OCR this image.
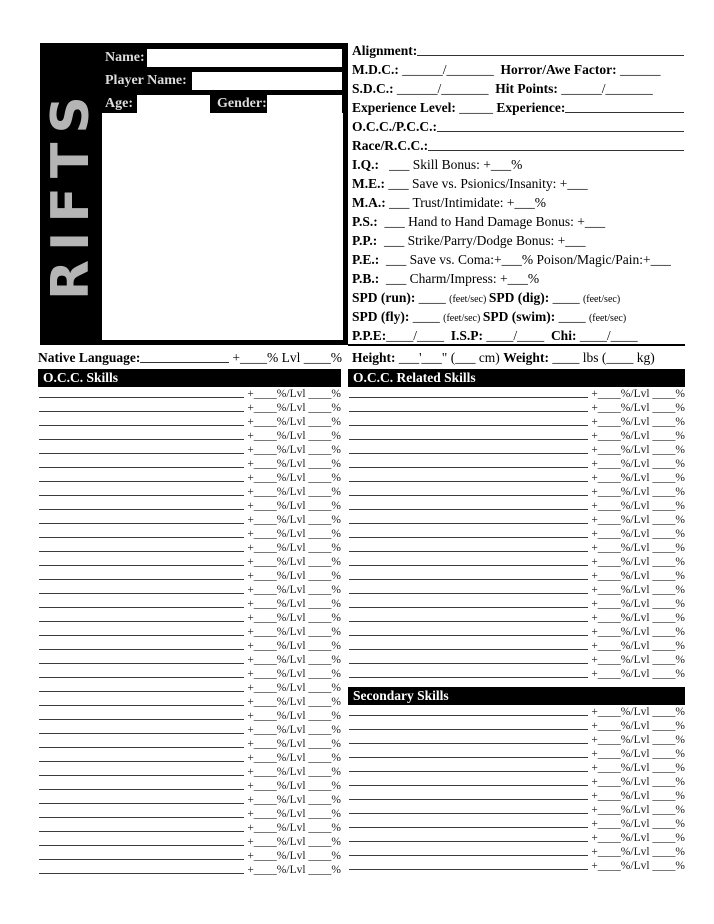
RIFTS
Name:
Player Name:
Age:	Gender:
Alignment:
M.D.C.: ______/_______ Horror/Awe Factor: ______
S.D.C.: ______/_______ Hit Points: ______/_______
Experience Level: _____ Experience:
O.C.C./P.C.C.:
Race/R.C.C.:
I.Q.: ___ Skill Bonus: +___%
M.E.: ___ Save vs. Psionics/Insanity: +___
M.A.: ___ Trust/Intimidate: +___%
P.S.: ___ Hand to Hand Damage Bonus: +___
P.P.: ___ Strike/Parry/Dodge Bonus: +___
P.E.: ___ Save vs. Coma:+___% Poison/Magic/Pain:+___
P.B.: ___ Charm/Impress: +___%
SPD (run): ____ (feet/sec) SPD (dig): ____ (feet/sec)
SPD (fly): ____ (feet/sec) SPD (swim): ____ (feet/sec)
P.P.E: ____/____ I.S.P: ____/____ Chi: ____/____
Height: ___'___" (___ cm) Weight: ____ lbs (____ kg)
Native Language:	+____% Lvl ____%
O.C.C. Skills
+____%/Lvl ____%
+____%/Lvl ____%
+____%/Lvl ____%
+____%/Lvl ____%
+____%/Lvl ____%
+____%/Lvl ____%
+____%/Lvl ____%
+____%/Lvl ____%
+____%/Lvl ____%
+____%/Lvl ____%
+____%/Lvl ____%
+____%/Lvl ____%
+____%/Lvl ____%
+____%/Lvl ____%
+____%/Lvl ____%
+____%/Lvl ____%
+____%/Lvl ____%
+____%/Lvl ____%
+____%/Lvl ____%
+____%/Lvl ____%
+____%/Lvl ____%
+____%/Lvl ____%
+____%/Lvl ____%
+____%/Lvl ____%
+____%/Lvl ____%
+____%/Lvl ____%
+____%/Lvl ____%
+____%/Lvl ____%
+____%/Lvl ____%
+____%/Lvl ____%
+____%/Lvl ____%
+____%/Lvl ____%
+____%/Lvl ____%
+____%/Lvl ____%
+____%/Lvl ____%
O.C.C. Related Skills
+____%/Lvl ____%
+____%/Lvl ____%
+____%/Lvl ____%
+____%/Lvl ____%
+____%/Lvl ____%
+____%/Lvl ____%
+____%/Lvl ____%
+____%/Lvl ____%
+____%/Lvl ____%
+____%/Lvl ____%
+____%/Lvl ____%
+____%/Lvl ____%
+____%/Lvl ____%
+____%/Lvl ____%
+____%/Lvl ____%
+____%/Lvl ____%
+____%/Lvl ____%
+____%/Lvl ____%
+____%/Lvl ____%
+____%/Lvl ____%
+____%/Lvl ____%
Secondary Skills
+____%/Lvl ____%
+____%/Lvl ____%
+____%/Lvl ____%
+____%/Lvl ____%
+____%/Lvl ____%
+____%/Lvl ____%
+____%/Lvl ____%
+____%/Lvl ____%
+____%/Lvl ____%
+____%/Lvl ____%
+____%/Lvl ____%
+____%/Lvl ____%
